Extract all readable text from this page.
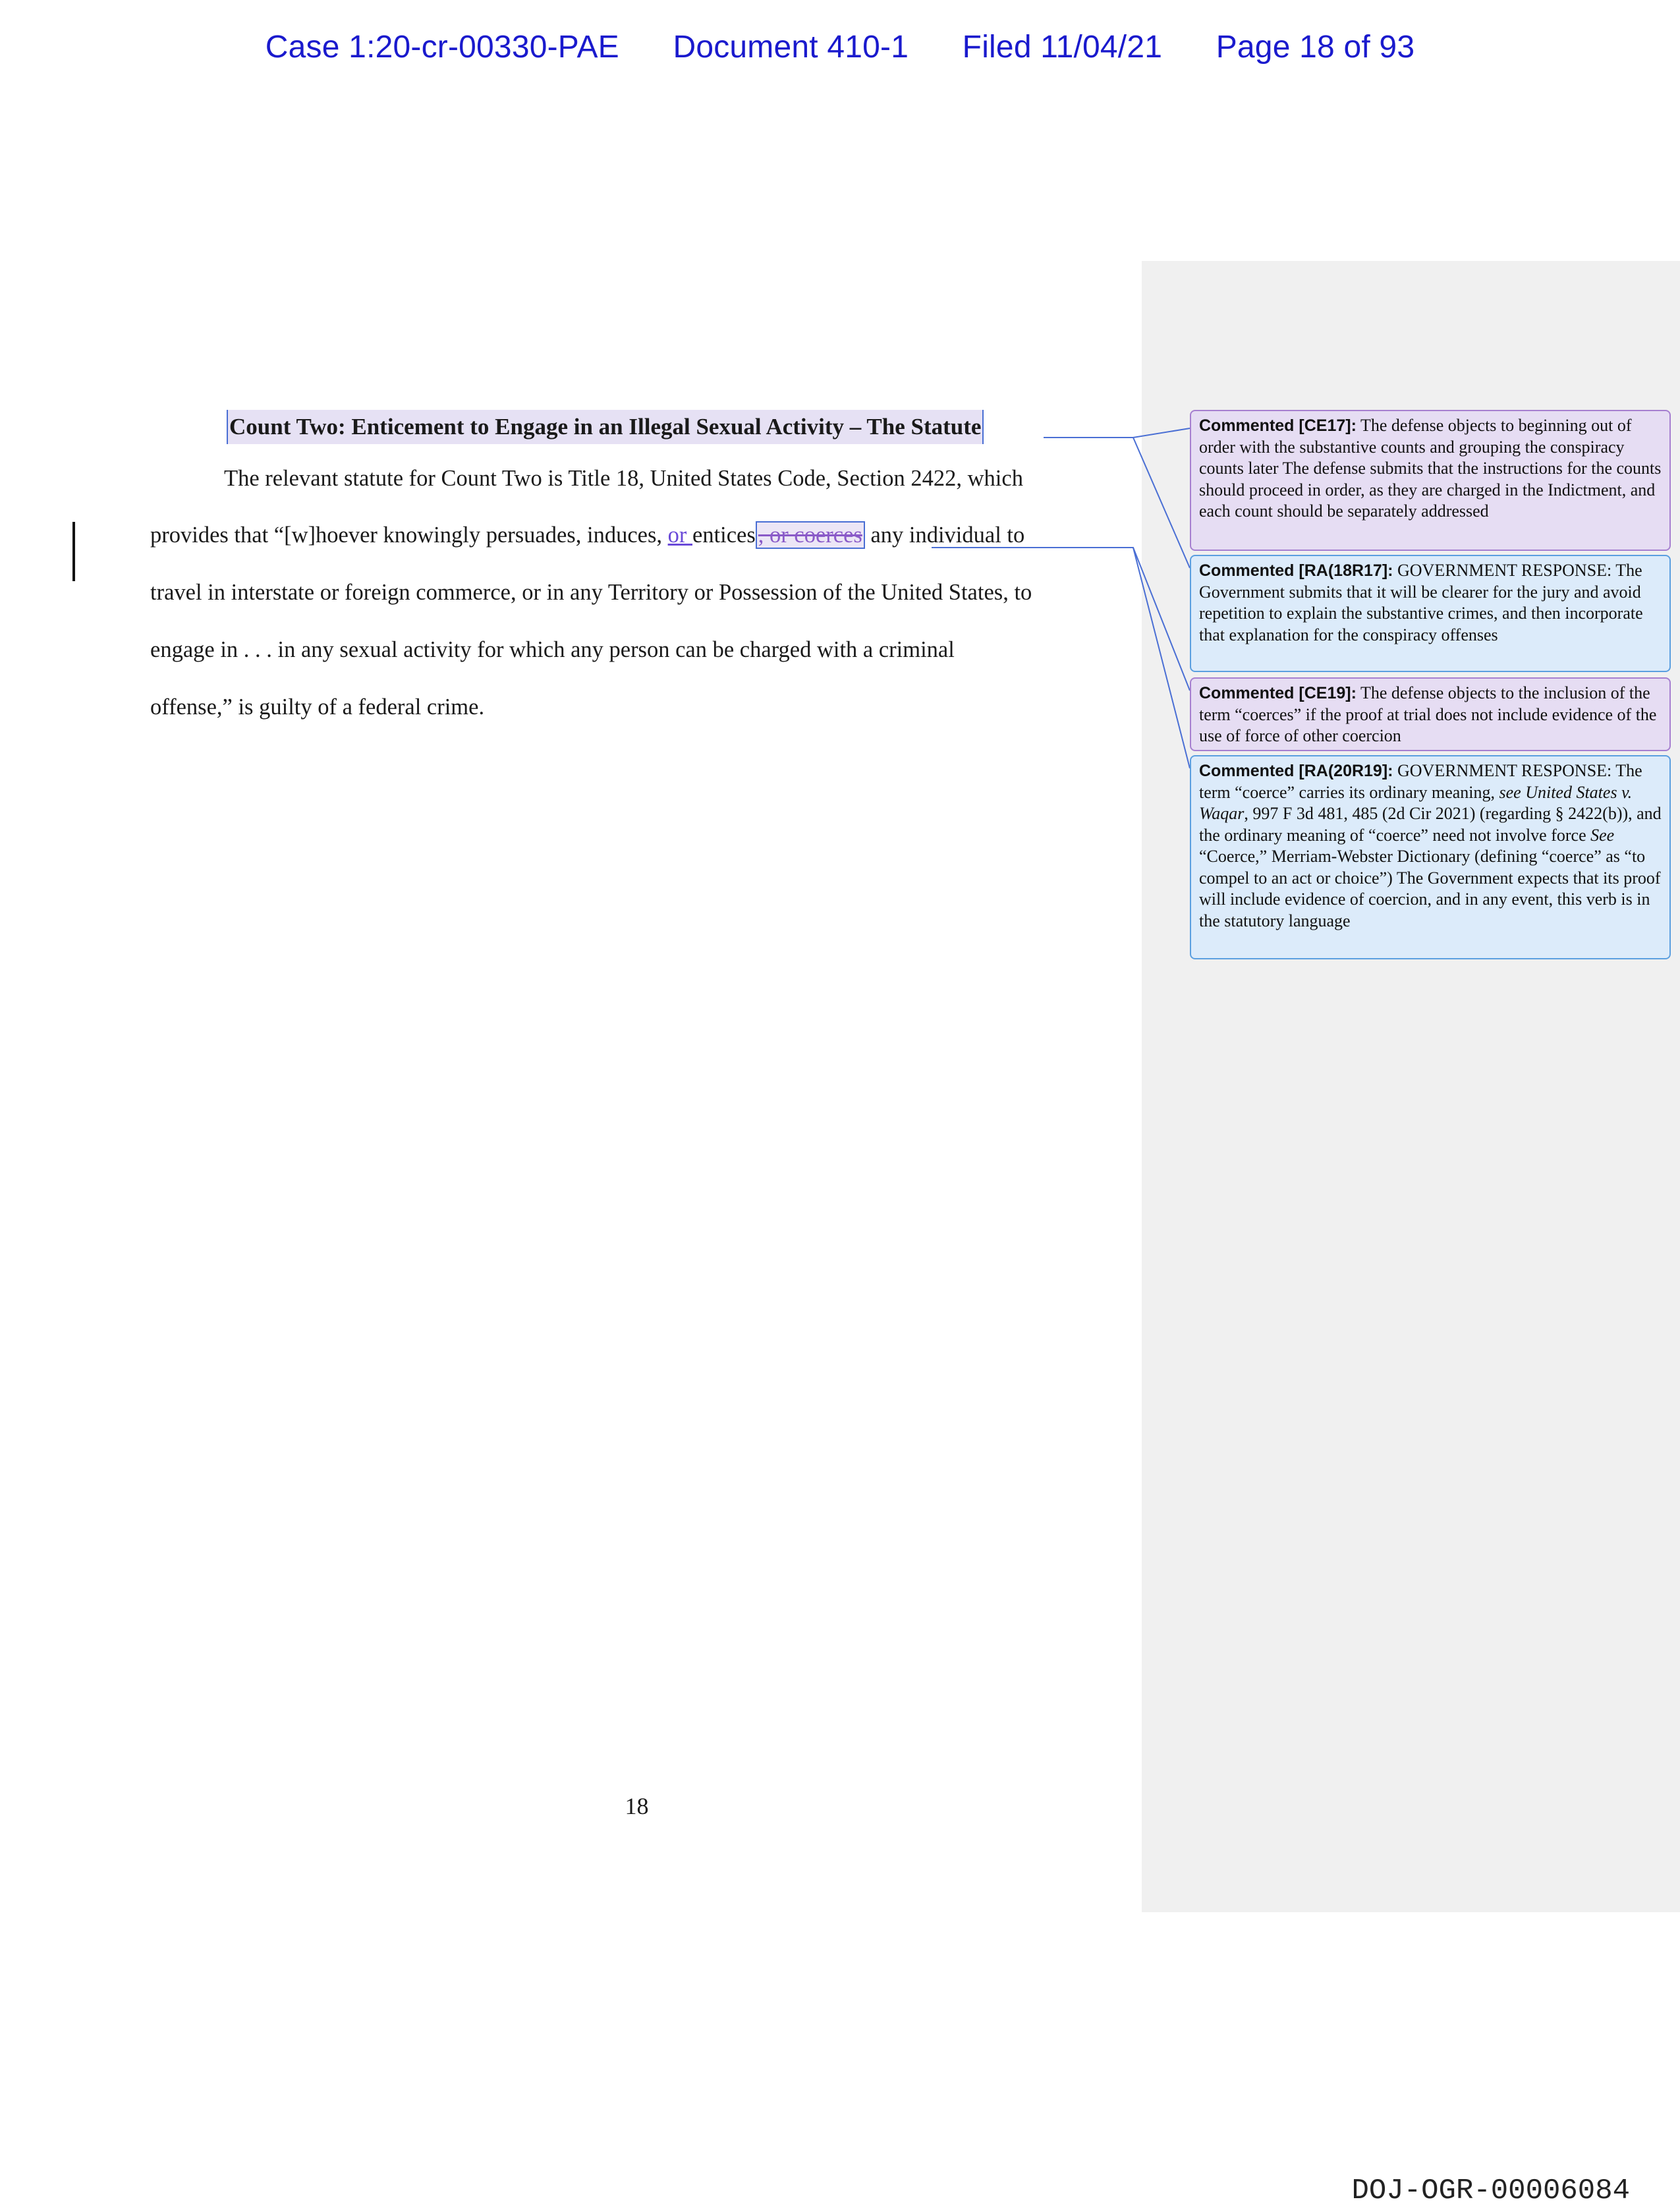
Case 1:20-cr-00330-PAE Document 410-1 Filed 11/04/21 Page 18 of 93
Count Two: Enticement to Engage in an Illegal Sexual Activity – The Statute
The relevant statute for Count Two is Title 18, United States Code, Section 2422, which
provides that “[w]hoever knowingly persuades, induces, or entices , or coerces any individual to
travel in interstate or foreign commerce, or in any Territory or Possession of the United States, to
engage in . . . in any sexual activity for which any person can be charged with a criminal
offense,” is guilty of a federal crime.
Commented [CE17]: The defense objects to beginning out of order with the substantive counts and grouping the conspiracy counts later The defense submits that the instructions for the counts should proceed in order, as they are charged in the Indictment, and each count should be separately addressed
Commented [RA(18R17]: GOVERNMENT RESPONSE: The Government submits that it will be clearer for the jury and avoid repetition to explain the substantive crimes, and then incorporate that explanation for the conspiracy offenses
Commented [CE19]: The defense objects to the inclusion of the term “coerces” if the proof at trial does not include evidence of the use of force of other coercion
Commented [RA(20R19]: GOVERNMENT RESPONSE: The term “coerce” carries its ordinary meaning, see United States v. Waqar, 997 F 3d 481, 485 (2d Cir 2021) (regarding § 2422(b)), and the ordinary meaning of “coerce” need not involve force See “Coerce,” Merriam-Webster Dictionary (defining “coerce” as “to compel to an act or choice”) The Government expects that its proof will include evidence of coercion, and in any event, this verb is in the statutory language
18
DOJ-OGR-00006084
